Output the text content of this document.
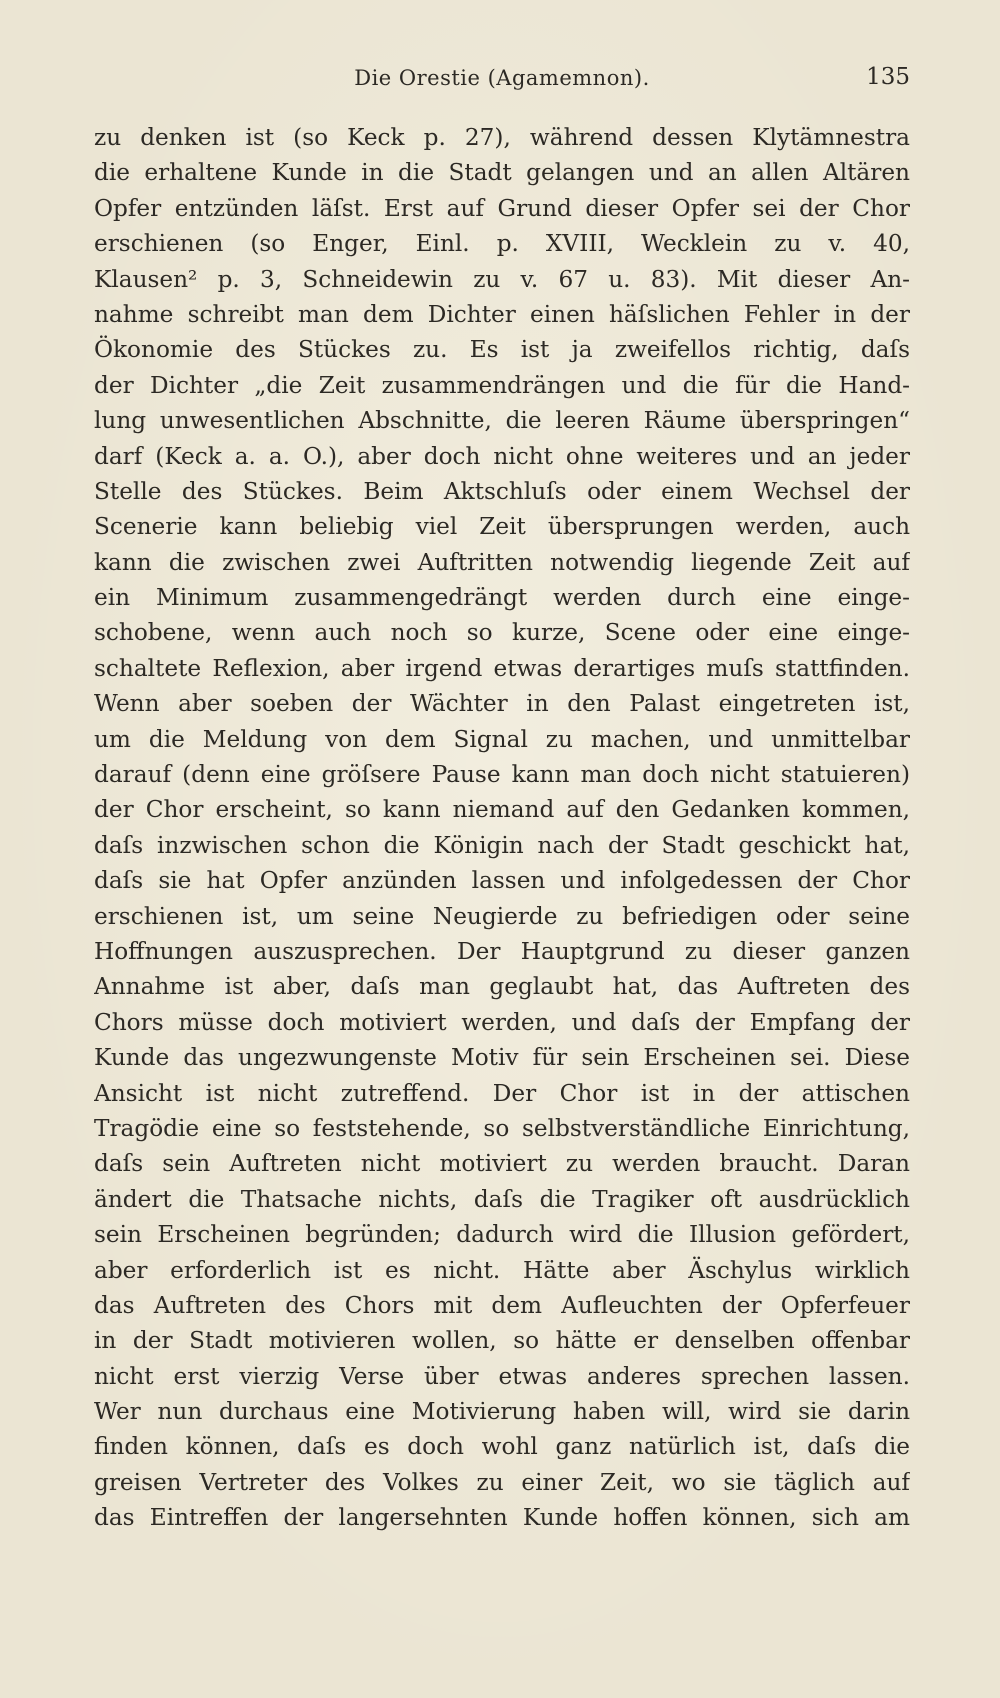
Die Orestie (Agamemnon).	135
zu denken ist (so Keck p. 27), während dessen Klytämnestra
die erhaltene Kunde in die Stadt gelangen und an allen Altären
Opfer entzünden läſst. Erst auf Grund dieser Opfer sei der Chor
erschienen (so Enger, Einl. p. XVIII, Wecklein zu v. 40,
Klausen² p. 3, Schneidewin zu v. 67 u. 83). Mit dieser An-
nahme schreibt man dem Dichter einen häſslichen Fehler in der
Ökonomie des Stückes zu. Es ist ja zweifellos richtig, daſs
der Dichter „die Zeit zusammendrängen und die für die Hand-
lung unwesentlichen Abschnitte, die leeren Räume überspringen“
darf (Keck a. a. O.), aber doch nicht ohne weiteres und an jeder
Stelle des Stückes. Beim Aktschluſs oder einem Wechsel der
Scenerie kann beliebig viel Zeit übersprungen werden, auch
kann die zwischen zwei Auftritten notwendig liegende Zeit auf
ein Minimum zusammengedrängt werden durch eine einge-
schobene, wenn auch noch so kurze, Scene oder eine einge-
schaltete Reflexion, aber irgend etwas derartiges muſs stattfinden.
Wenn aber soeben der Wächter in den Palast eingetreten ist,
um die Meldung von dem Signal zu machen, und unmittelbar
darauf (denn eine gröſsere Pause kann man doch nicht statuieren)
der Chor erscheint, so kann niemand auf den Gedanken kommen,
daſs inzwischen schon die Königin nach der Stadt geschickt hat,
daſs sie hat Opfer anzünden lassen und infolgedessen der Chor
erschienen ist, um seine Neugierde zu befriedigen oder seine
Hoffnungen auszusprechen. Der Hauptgrund zu dieser ganzen
Annahme ist aber, daſs man geglaubt hat, das Auftreten des
Chors müsse doch motiviert werden, und daſs der Empfang der
Kunde das ungezwungenste Motiv für sein Erscheinen sei. Diese
Ansicht ist nicht zutreffend. Der Chor ist in der attischen
Tragödie eine so feststehende, so selbstverständliche Einrichtung,
daſs sein Auftreten nicht motiviert zu werden braucht. Daran
ändert die Thatsache nichts, daſs die Tragiker oft ausdrücklich
sein Erscheinen begründen; dadurch wird die Illusion gefördert,
aber erforderlich ist es nicht. Hätte aber Äschylus wirklich
das Auftreten des Chors mit dem Aufleuchten der Opferfeuer
in der Stadt motivieren wollen, so hätte er denselben offenbar
nicht erst vierzig Verse über etwas anderes sprechen lassen.
Wer nun durchaus eine Motivierung haben will, wird sie darin
finden können, daſs es doch wohl ganz natürlich ist, daſs die
greisen Vertreter des Volkes zu einer Zeit, wo sie täglich auf
das Eintreffen der langersehnten Kunde hoffen können, sich am
